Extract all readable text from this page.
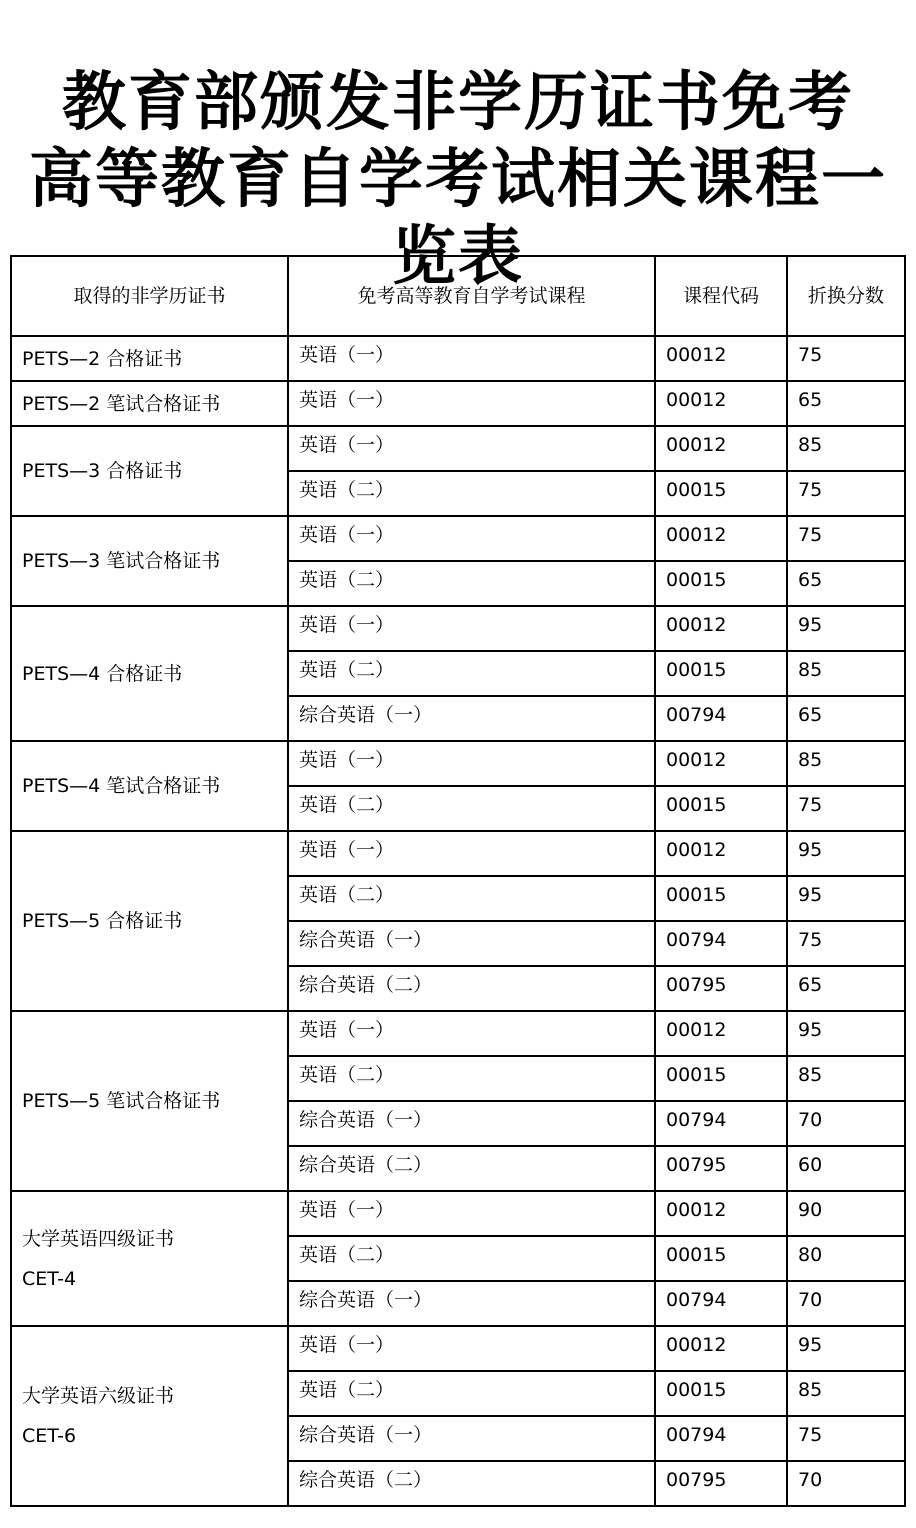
教育部颁发非学历证书免考
高等教育自学考试相关课程一
览表
取得的非学历证书	免考高等教育自学考试课程	课程代码	折换分数

PETS—2 合格证书	英语（一）	00012	75

PETS—2 笔试合格证书	英语（一）	00012	65

PETS—3 合格证书	英语（一）	00012	85
	英语（二）	00015	75

PETS—3 笔试合格证书	英语（一）	00012	75
	英语（二）	00015	65

PETS—4 合格证书	英语（一）	00012	95
	英语（二）	00015	85
	综合英语（一）	00794	65

PETS—4 笔试合格证书	英语（一）	00012	85
	英语（二）	00015	75

PETS—5 合格证书	英语（一）	00012	95
	英语（二）	00015	95
	综合英语（一）	00794	75
	综合英语（二）	00795	65

PETS—5 笔试合格证书	英语（一）	00012	95
	英语（二）	00015	85
	综合英语（一）	00794	70
	综合英语（二）	00795	60

大学英语四级证书
CET-4	英语（一）	00012	90
	英语（二）	00015	80
	综合英语（一）	00794	70

大学英语六级证书
CET-6	英语（一）	00012	95
	英语（二）	00015	85
	综合英语（一）	00794	75
	综合英语（二）	00795	70
